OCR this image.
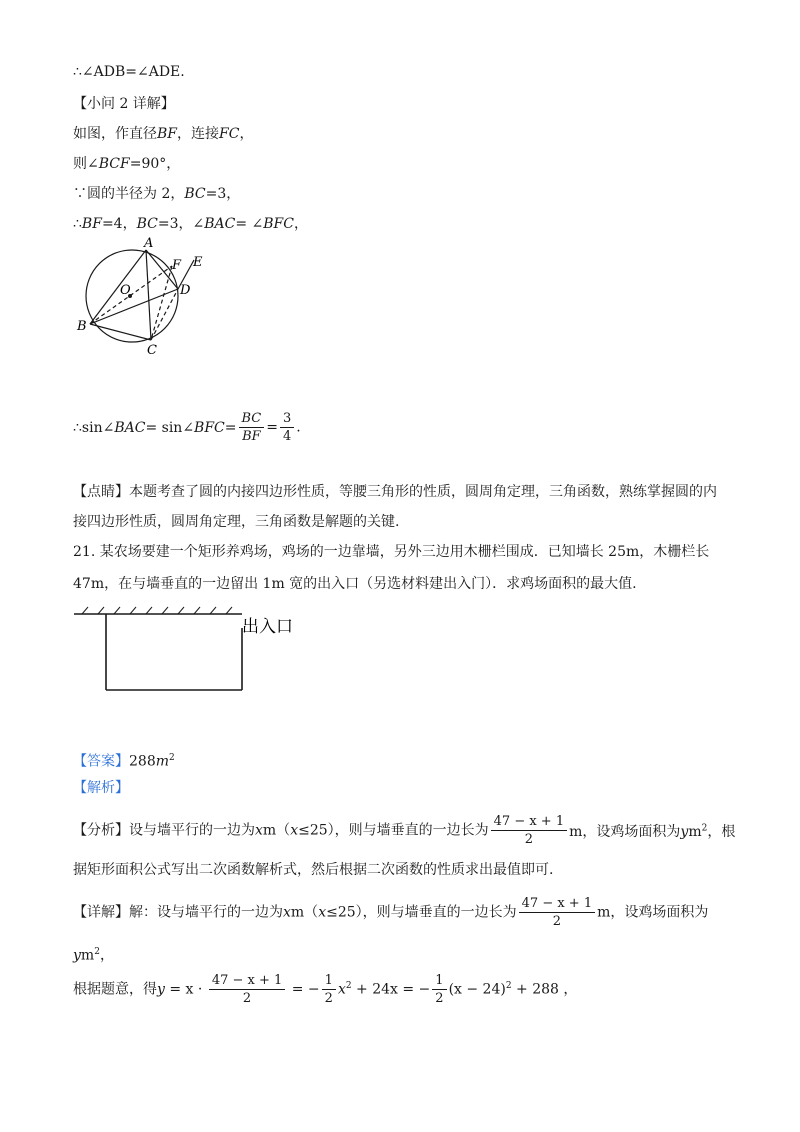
∴∠ADB=∠ADE.
【小问 2 详解】
如图，作直径BF，连接FC，
则∠BCF=90°，
∵圆的半径为 2，BC=3，
∴BF=4，BC=3，∠BAC= ∠BFC，
A
B
C
D
E
F
O
∴sin∠BAC= sin∠BFC= $\frac{BC}{BF} = \frac{3}{4}$ .
【点睛】本题考查了圆的内接四边形性质，等腰三角形的性质，圆周角定理，三角函数，熟练掌握圆的内
接四边形性质，圆周角定理，三角函数是解题的关键.
21. 某农场要建一个矩形养鸡场，鸡场的一边靠墙，另外三边用木栅栏围成．已知墙长 25m，木栅栏长
47m，在与墙垂直的一边留出 1m 宽的出入口（另选材料建出入门）．求鸡场面积的最大值.
出入口
【答案】$288m^2$
【解析】
【分析】设与墙平行的一边为xm（x≤25），则与墙垂直的一边长为 $\frac{47 - x + 1}{2}$ m，设鸡场面积为$ym^2$，根
据矩形面积公式写出二次函数解析式，然后根据二次函数的性质求出最值即可.
【详解】解：设与墙平行的一边为xm（x≤25），则与墙垂直的一边长为 $\frac{47 - x + 1}{2}$ m，设鸡场面积为
$ym^2$，
根据题意，得$y = x \cdot \frac{47 - x + 1}{2}$ = − $\frac{1}{2} x^2 + 24x$ = − $\frac{1}{2} (x - 24)^2 + 288$ ，
